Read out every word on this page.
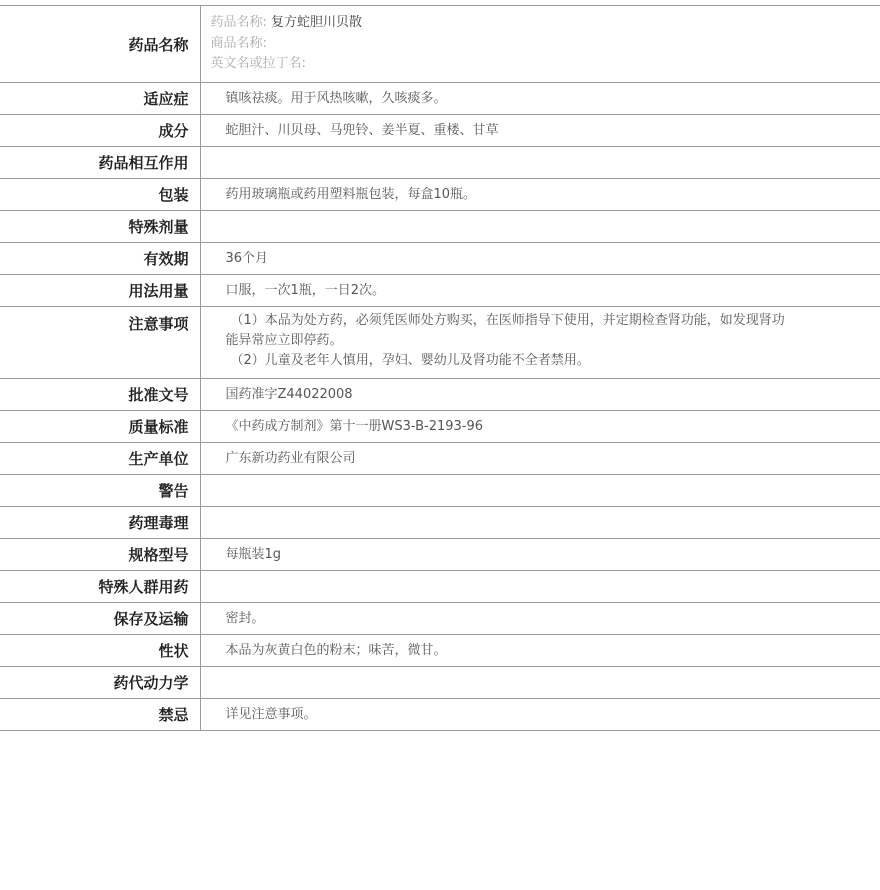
药品名称	药品名称: 复方蛇胆川贝散
商品名称:
英文名或拉丁名:

适应症	镇咳祛痰。用于风热咳嗽，久咳痰多。
成分	蛇胆汁、川贝母、马兜铃、姜半夏、重楼、甘草
药品相互作用	
包装	药用玻璃瓶或药用塑料瓶包装，每盒10瓶。
特殊剂量	
有效期	36个月
用法用量	口服，一次1瓶，一日2次。
注意事项	（1）本品为处方药，必须凭医师处方购买，在医师指导下使用，并定期检查肾功能，如发现肾功能异常应立即停药。
（2）儿童及老年人慎用，孕妇、婴幼儿及肾功能不全者禁用。

批准文号	国药准字Z44022008
质量标准	《中药成方制剂》第十一册WS3-B-2193-96
生产单位	广东新功药业有限公司
警告	
药理毒理	
规格型号	每瓶装1g
特殊人群用药	
保存及运输	密封。
性状	本品为灰黄白色的粉末；味苦，微甘。
药代动力学	
禁忌	详见注意事项。
